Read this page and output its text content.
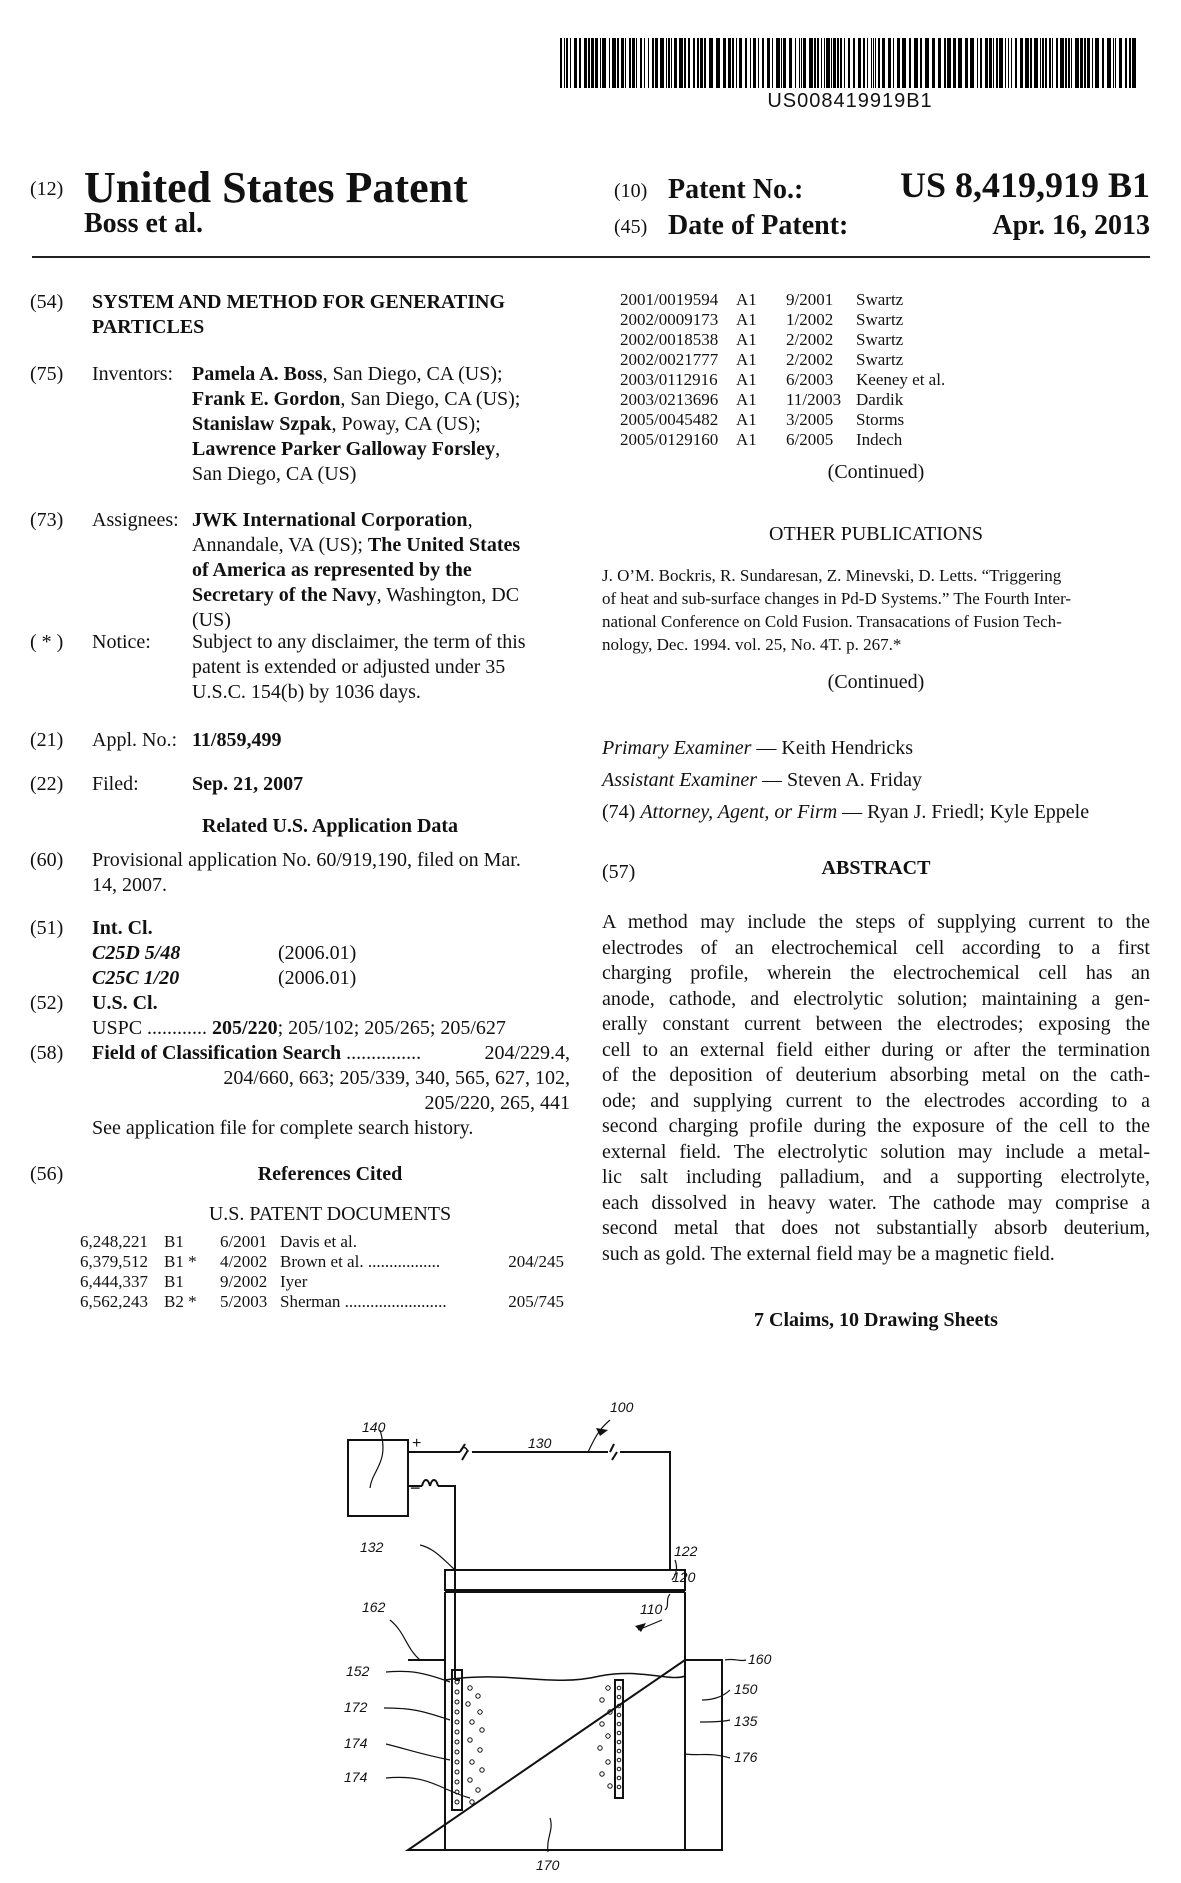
US008419919B1
(12) United States Patent
Boss et al.
(10) Patent No.:	US 8,419,919 B1
(45) Date of Patent:	Apr. 16, 2013
(54)	SYSTEM AND METHOD FOR GENERATING
PARTICLES
(75)	Inventors: Pamela A. Boss, San Diego, CA (US);
Frank E. Gordon, San Diego, CA (US);
Stanislaw Szpak, Poway, CA (US);
Lawrence Parker Galloway Forsley,
San Diego, CA (US)
(73)	Assignees: JWK International Corporation,
Annandale, VA (US); The United States
of America as represented by the
Secretary of the Navy, Washington, DC
(US)
( * )	Notice: Subject to any disclaimer, the term of this
patent is extended or adjusted under 35
U.S.C. 154(b) by 1036 days.
(21)	Appl. No.: 11/859,499
(22)	Filed:	Sep. 21, 2007
Related U.S. Application Data
(60)	Provisional application No. 60/919,190, filed on Mar.
14, 2007.
(51)	Int. Cl.
C25D 5/48	(2006.01)
C25C 1/20	(2006.01)
(52)	U.S. Cl.
USPC ............ 205/220; 205/102; 205/265; 205/627
(58)	Field of Classification Search ...............	204/229.4,
204/660, 663; 205/339, 340, 565, 627, 102,
205/220, 265, 441
See application file for complete search history.
(56)	References Cited
U.S. PATENT DOCUMENTS
6,248,221 B1 6/2001 Davis et al.
6,379,512 B1 * 4/2002 Brown et al. .................	204/245
6,444,337 B1 9/2002 Iyer
6,562,243 B2 * 5/2003 Sherman ........................	205/745
2001/0019594 A1 9/2001 Swartz
2002/0009173 A1 1/2002 Swartz
2002/0018538 A1 2/2002 Swartz
2002/0021777 A1 2/2002 Swartz
2003/0112916 A1 6/2003 Keeney et al.
2003/0213696 A1 11/2003 Dardik
2005/0045482 A1 3/2005 Storms
2005/0129160 A1 6/2005 Indech
(Continued)
OTHER PUBLICATIONS
J. O’M. Bockris, R. Sundaresan, Z. Minevski, D. Letts. “Triggering
of heat and sub-surface changes in Pd-D Systems.” The Fourth Inter-
national Conference on Cold Fusion. Transacations of Fusion Tech-
nology, Dec. 1994. vol. 25, No. 4T. p. 267.*
(Continued)
Primary Examiner — Keith Hendricks
Assistant Examiner — Steven A. Friday
(74) Attorney, Agent, or Firm — Ryan J. Friedl; Kyle Eppele
(57)	ABSTRACT
A method may include the steps of supplying current to the
electrodes of an electrochemical cell according to a first
charging profile, wherein the electrochemical cell has an
anode, cathode, and electrolytic solution; maintaining a gen-
erally constant current between the electrodes; exposing the
cell to an external field either during or after the termination
of the deposition of deuterium absorbing metal on the cath-
ode; and supplying current to the electrodes according to a
second charging profile during the exposure of the cell to the
external field. The electrolytic solution may include a metal-
lic salt including palladium, and a supporting electrolyte,
each dissolved in heavy water. The cathode may comprise a
second metal that does not substantially absorb deuterium,
such as gold. The external field may be a magnetic field.
7 Claims, 10 Drawing Sheets
100
140
130
132	122
120
110
162
160
152
150
172
135
174
176
174
170
+
−
